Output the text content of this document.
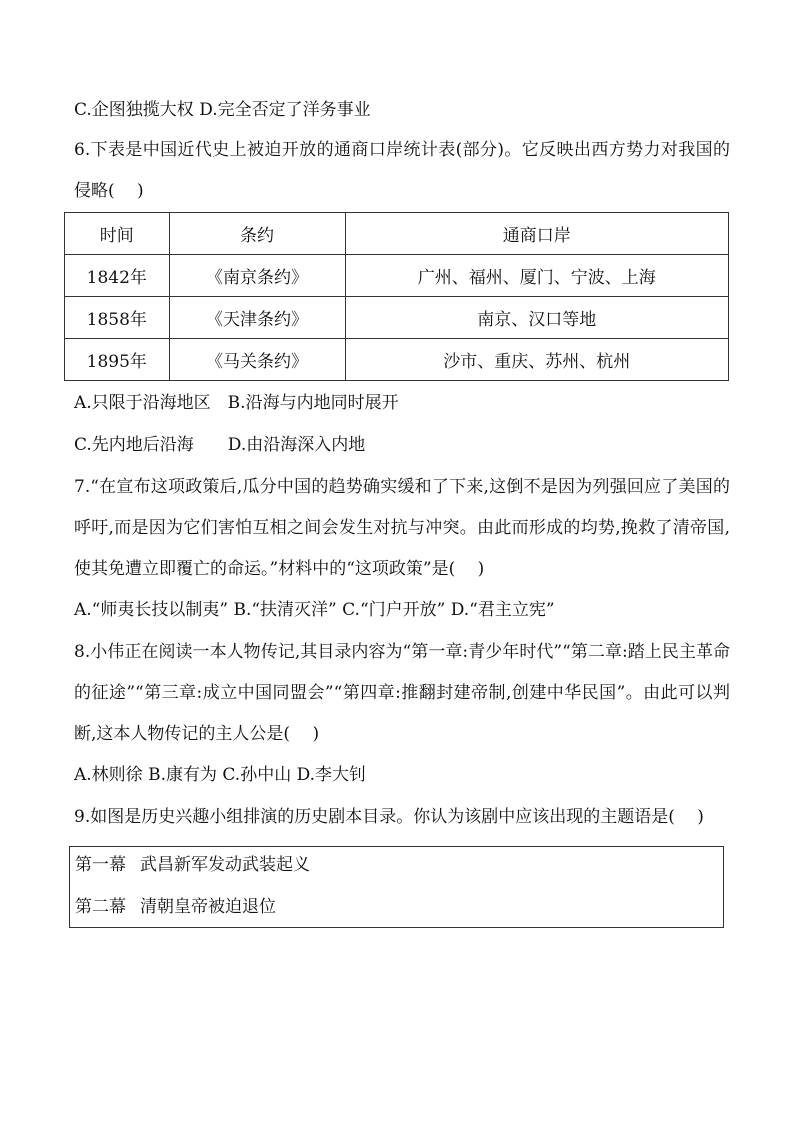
C.企图独揽大权 D.完全否定了洋务事业

6.下表是中国近代史上被迫开放的通商口岸统计表(部分)。它反映出西方势力对我国的侵略(　 )

时间	条约	通商口岸
1842年	《南京条约》	广州、福州、厦门、宁波、上海
1858年	《天津条约》	南京、汉口等地
1895年	《马关条约》	沙市、重庆、苏州、杭州

A.只限于沿海地区　B.沿海与内地同时展开

C.先内地后沿海　　D.由沿海深入内地

7.“在宣布这项政策后,瓜分中国的趋势确实缓和了下来,这倒不是因为列强回应了美国的呼吁,而是因为它们害怕互相之间会发生对抗与冲突。由此而形成的均势,挽救了清帝国,使其免遭立即覆亡的命运。”材料中的“这项政策”是(　 )

A.“师夷长技以制夷” B.“扶清灭洋” C.“门户开放” D.“君主立宪”

8.小伟正在阅读一本人物传记,其目录内容为“第一章:青少年时代”“第二章:踏上民主革命的征途”“第三章:成立中国同盟会”“第四章:推翻封建帝制,创建中华民国”。由此可以判断,这本人物传记的主人公是(　 )

A.林则徐 B.康有为 C.孙中山 D.李大钊

9.如图是历史兴趣小组排演的历史剧本目录。你认为该剧中应该出现的主题语是(　 )

第一幕 武昌新军发动武装起义
第二幕 清朝皇帝被迫退位
